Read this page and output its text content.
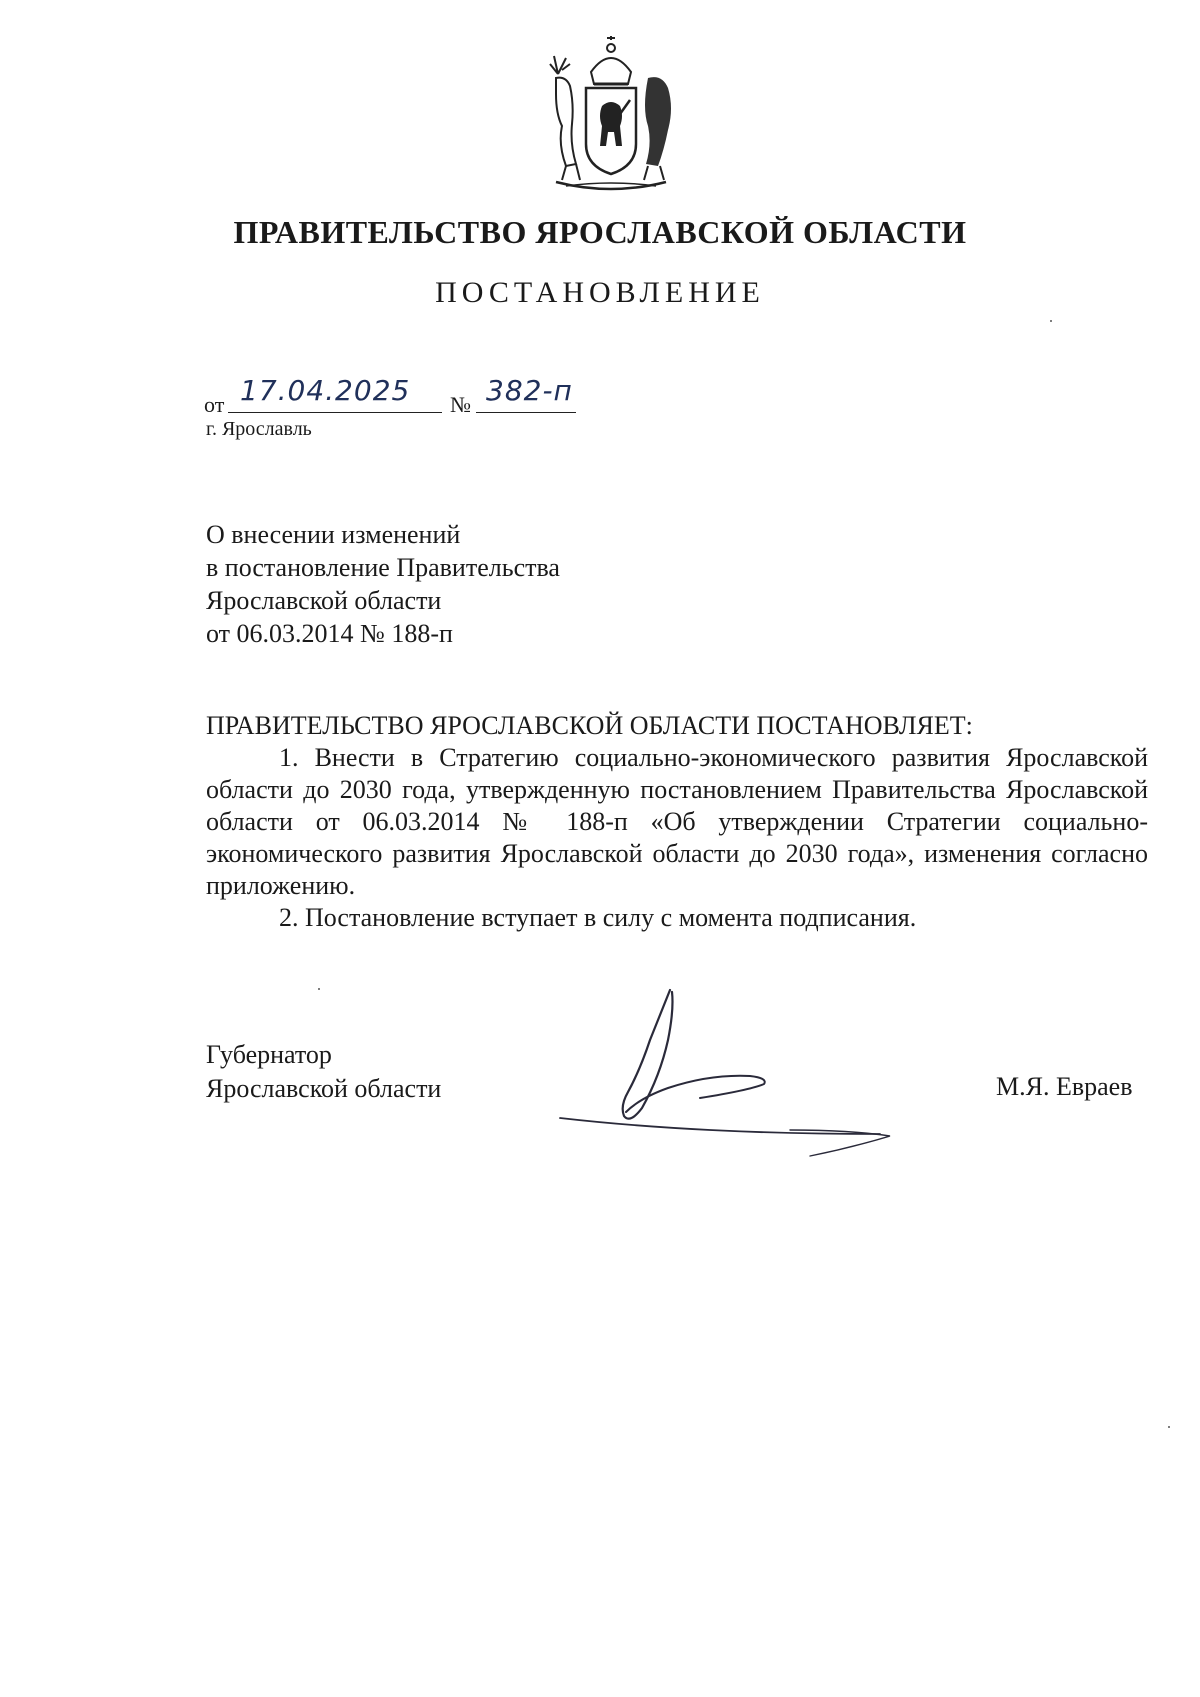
ПРАВИТЕЛЬСТВО ЯРОСЛАВСКОЙ ОБЛАСТИ
ПОСТАНОВЛЕНИЕ
от 17.04.2025 № 382-п
г. Ярославль
О внесении изменений
в постановление Правительства
Ярославской области
от 06.03.2014 № 188-п
ПРАВИТЕЛЬСТВО ЯРОСЛАВСКОЙ ОБЛАСТИ ПОСТАНОВЛЯЕТ:
1. Внести в Стратегию социально-экономического развития Ярославской области до 2030 года, утвержденную постановлением Правительства Ярославской области от 06.03.2014 № 188-п «Об утверждении Стратегии социально-экономического развития Ярославской области до 2030 года», изменения согласно приложению.
2. Постановление вступает в силу с момента подписания.
Губернатор
Ярославской области	М.Я. Евраев
